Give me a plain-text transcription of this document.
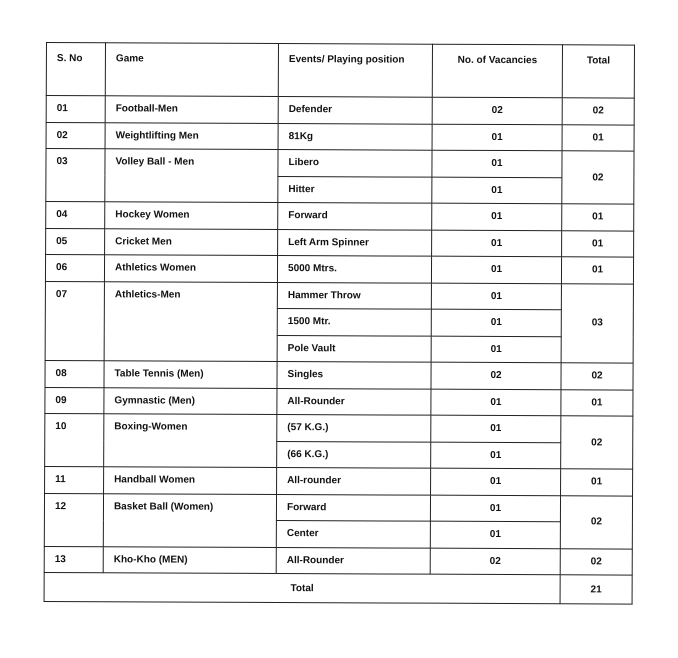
S. No	Game	Events/ Playing position	No. of Vacancies	Total
01	Football-Men	Defender	02	02
02	Weightlifting Men	81Kg	01	01
03	Volley Ball - Men	Libero	01	02
		Hitter	01	
04	Hockey Women	Forward	01	01
05	Cricket Men	Left Arm Spinner	01	01
06	Athletics Women	5000 Mtrs.	01	01
07	Athletics-Men	Hammer Throw	01	03
		1500 Mtr.	01	
		Pole Vault	01	
08	Table Tennis (Men)	Singles	02	02
09	Gymnastic (Men)	All-Rounder	01	01
10	Boxing-Women	(57 K.G.)	01	02
		(66 K.G.)	01	
11	Handball Women	All-rounder	01	01
12	Basket Ball (Women)	Forward	01	02
		Center	01	
13	Kho-Kho (MEN)	All-Rounder	02	02
Total				21
